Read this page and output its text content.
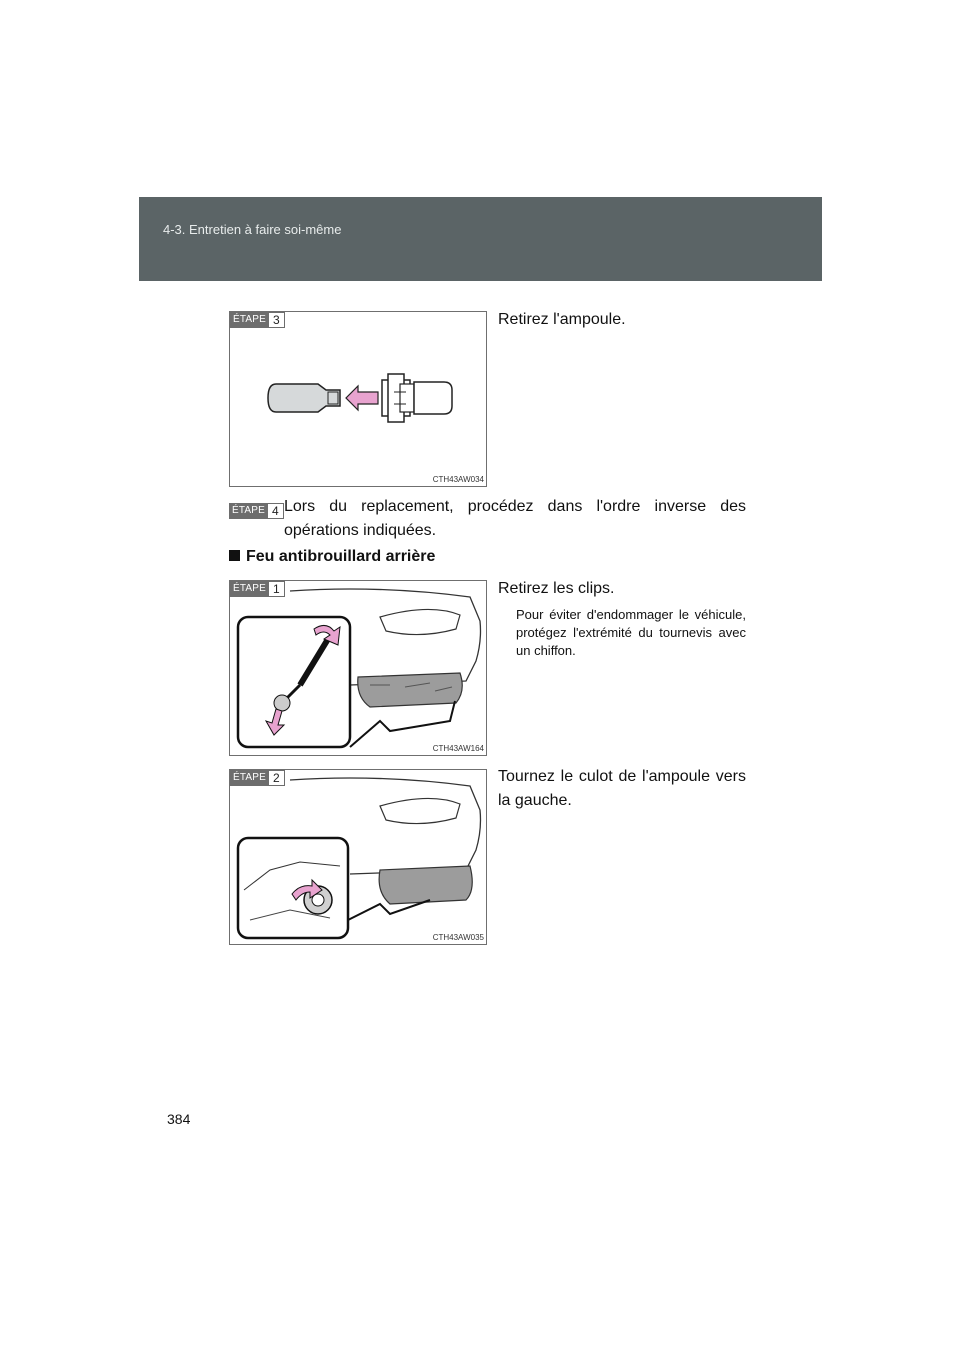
4-3. Entretien à faire soi-même
ÉTAPE 3
CTH43AW034
Retirez l'ampoule.
ÉTAPE 4 Lors du replacement, procédez dans l'ordre inverse des
opérations indiquées.
Feu antibrouillard arrière
ÉTAPE 1
CTH43AW164
Retirez les clips.
Pour éviter d'endommager le véhicule, protégez l'extrémité du tournevis avec un chiffon.
ÉTAPE 2
CTH43AW035
Tournez le culot de l'ampoule vers la gauche.
384
